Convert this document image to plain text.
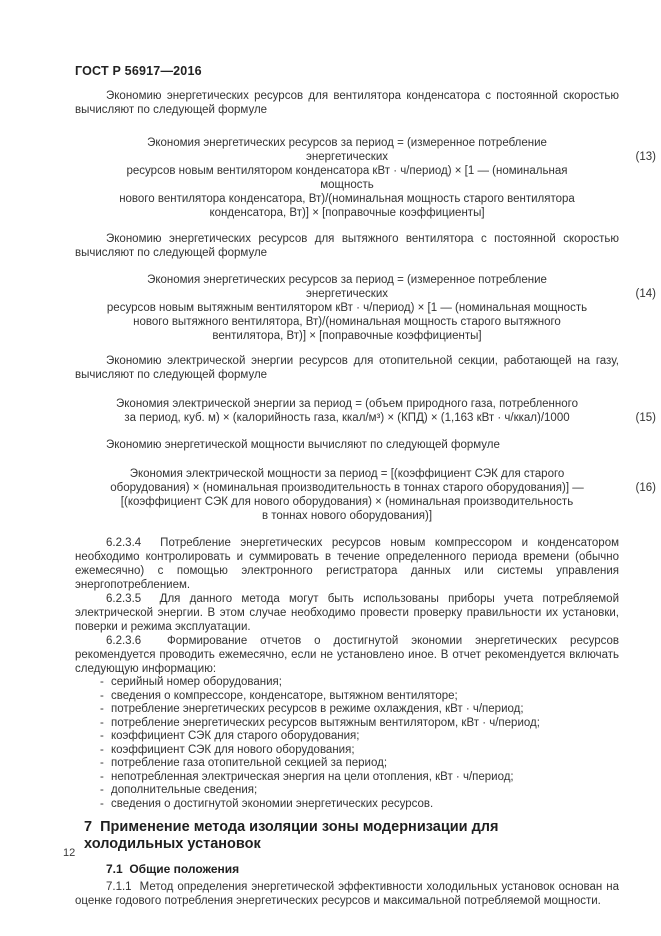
ГОСТ Р 56917—2016

Экономию энергетических ресурсов для вентилятора конденсатора с постоянной скоростью вычисляют по следующей формуле

Экономия энергетических ресурсов за период = (измеренное потребление энергетических
ресурсов новым вентилятором конденсатора кВт · ч/период) × [1 — (номинальная мощность
нового вентилятора конденсатора, Вт)/(номинальная мощность старого вентилятора
конденсатора, Вт)] × [поправочные коэффициенты]
(13)

Экономию энергетических ресурсов для вытяжного вентилятора с постоянной скоростью вычисляют по следующей формуле

Экономия энергетических ресурсов за период = (измеренное потребление энергетических
ресурсов новым вытяжным вентилятором кВт · ч/период) × [1 — (номинальная мощность
нового вытяжного вентилятора, Вт)/(номинальная мощность старого вытяжного
вентилятора, Вт)] × [поправочные коэффициенты]
(14)

Экономию электрической энергии ресурсов для отопительной секции, работающей на газу, вычисляют по следующей формуле

Экономия электрической энергии за период = (объем природного газа, потребленного
за период, куб. м) × (калорийность газа, ккал/м³) × (КПД) × (1,163 кВт · ч/ккал)/1000	(15)

Экономию энергетической мощности вычисляют по следующей формуле

Экономия электрической мощности за период = [(коэффициент СЭК для старого
оборудования) × (номинальная производительность в тоннах старого оборудования)] —
[(коэффициент СЭК для нового оборудования) × (номинальная производительность
в тоннах нового оборудования)]
(16)

6.2.3.4  Потребление энергетических ресурсов новым компрессором и конденсатором необходимо контролировать и суммировать в течение определенного периода времени (обычно ежемесячно) с помощью электронного регистратора данных или системы управления энергопотреблением.

6.2.3.5  Для данного метода могут быть использованы приборы учета потребляемой электрической энергии. В этом случае необходимо провести проверку правильности их установки, поверки и режима эксплуатации.

6.2.3.6  Формирование отчетов о достигнутой экономии энергетических ресурсов рекомендуется проводить ежемесячно, если не установлено иное. В отчет рекомендуется включать следующую информацию:

- серийный номер оборудования;
- сведения о компрессоре, конденсаторе, вытяжном вентиляторе;
- потребление энергетических ресурсов в режиме охлаждения, кВт · ч/период;
- потребление энергетических ресурсов вытяжным вентилятором, кВт · ч/период;
- коэффициент СЭК для старого оборудования;
- коэффициент СЭК для нового оборудования;
- потребление газа отопительной секцией за период;
- непотребленная электрическая энергия на цели отопления, кВт · ч/период;
- дополнительные сведения;
- сведения о достигнутой экономии энергетических ресурсов.
7  Применение метода изоляции зоны модернизации для холодильных установок
7.1  Общие положения

7.1.1  Метод определения энергетической эффективности холодильных установок основан на оценке годового потребления энергетических ресурсов и максимальной потребляемой мощности.

12
